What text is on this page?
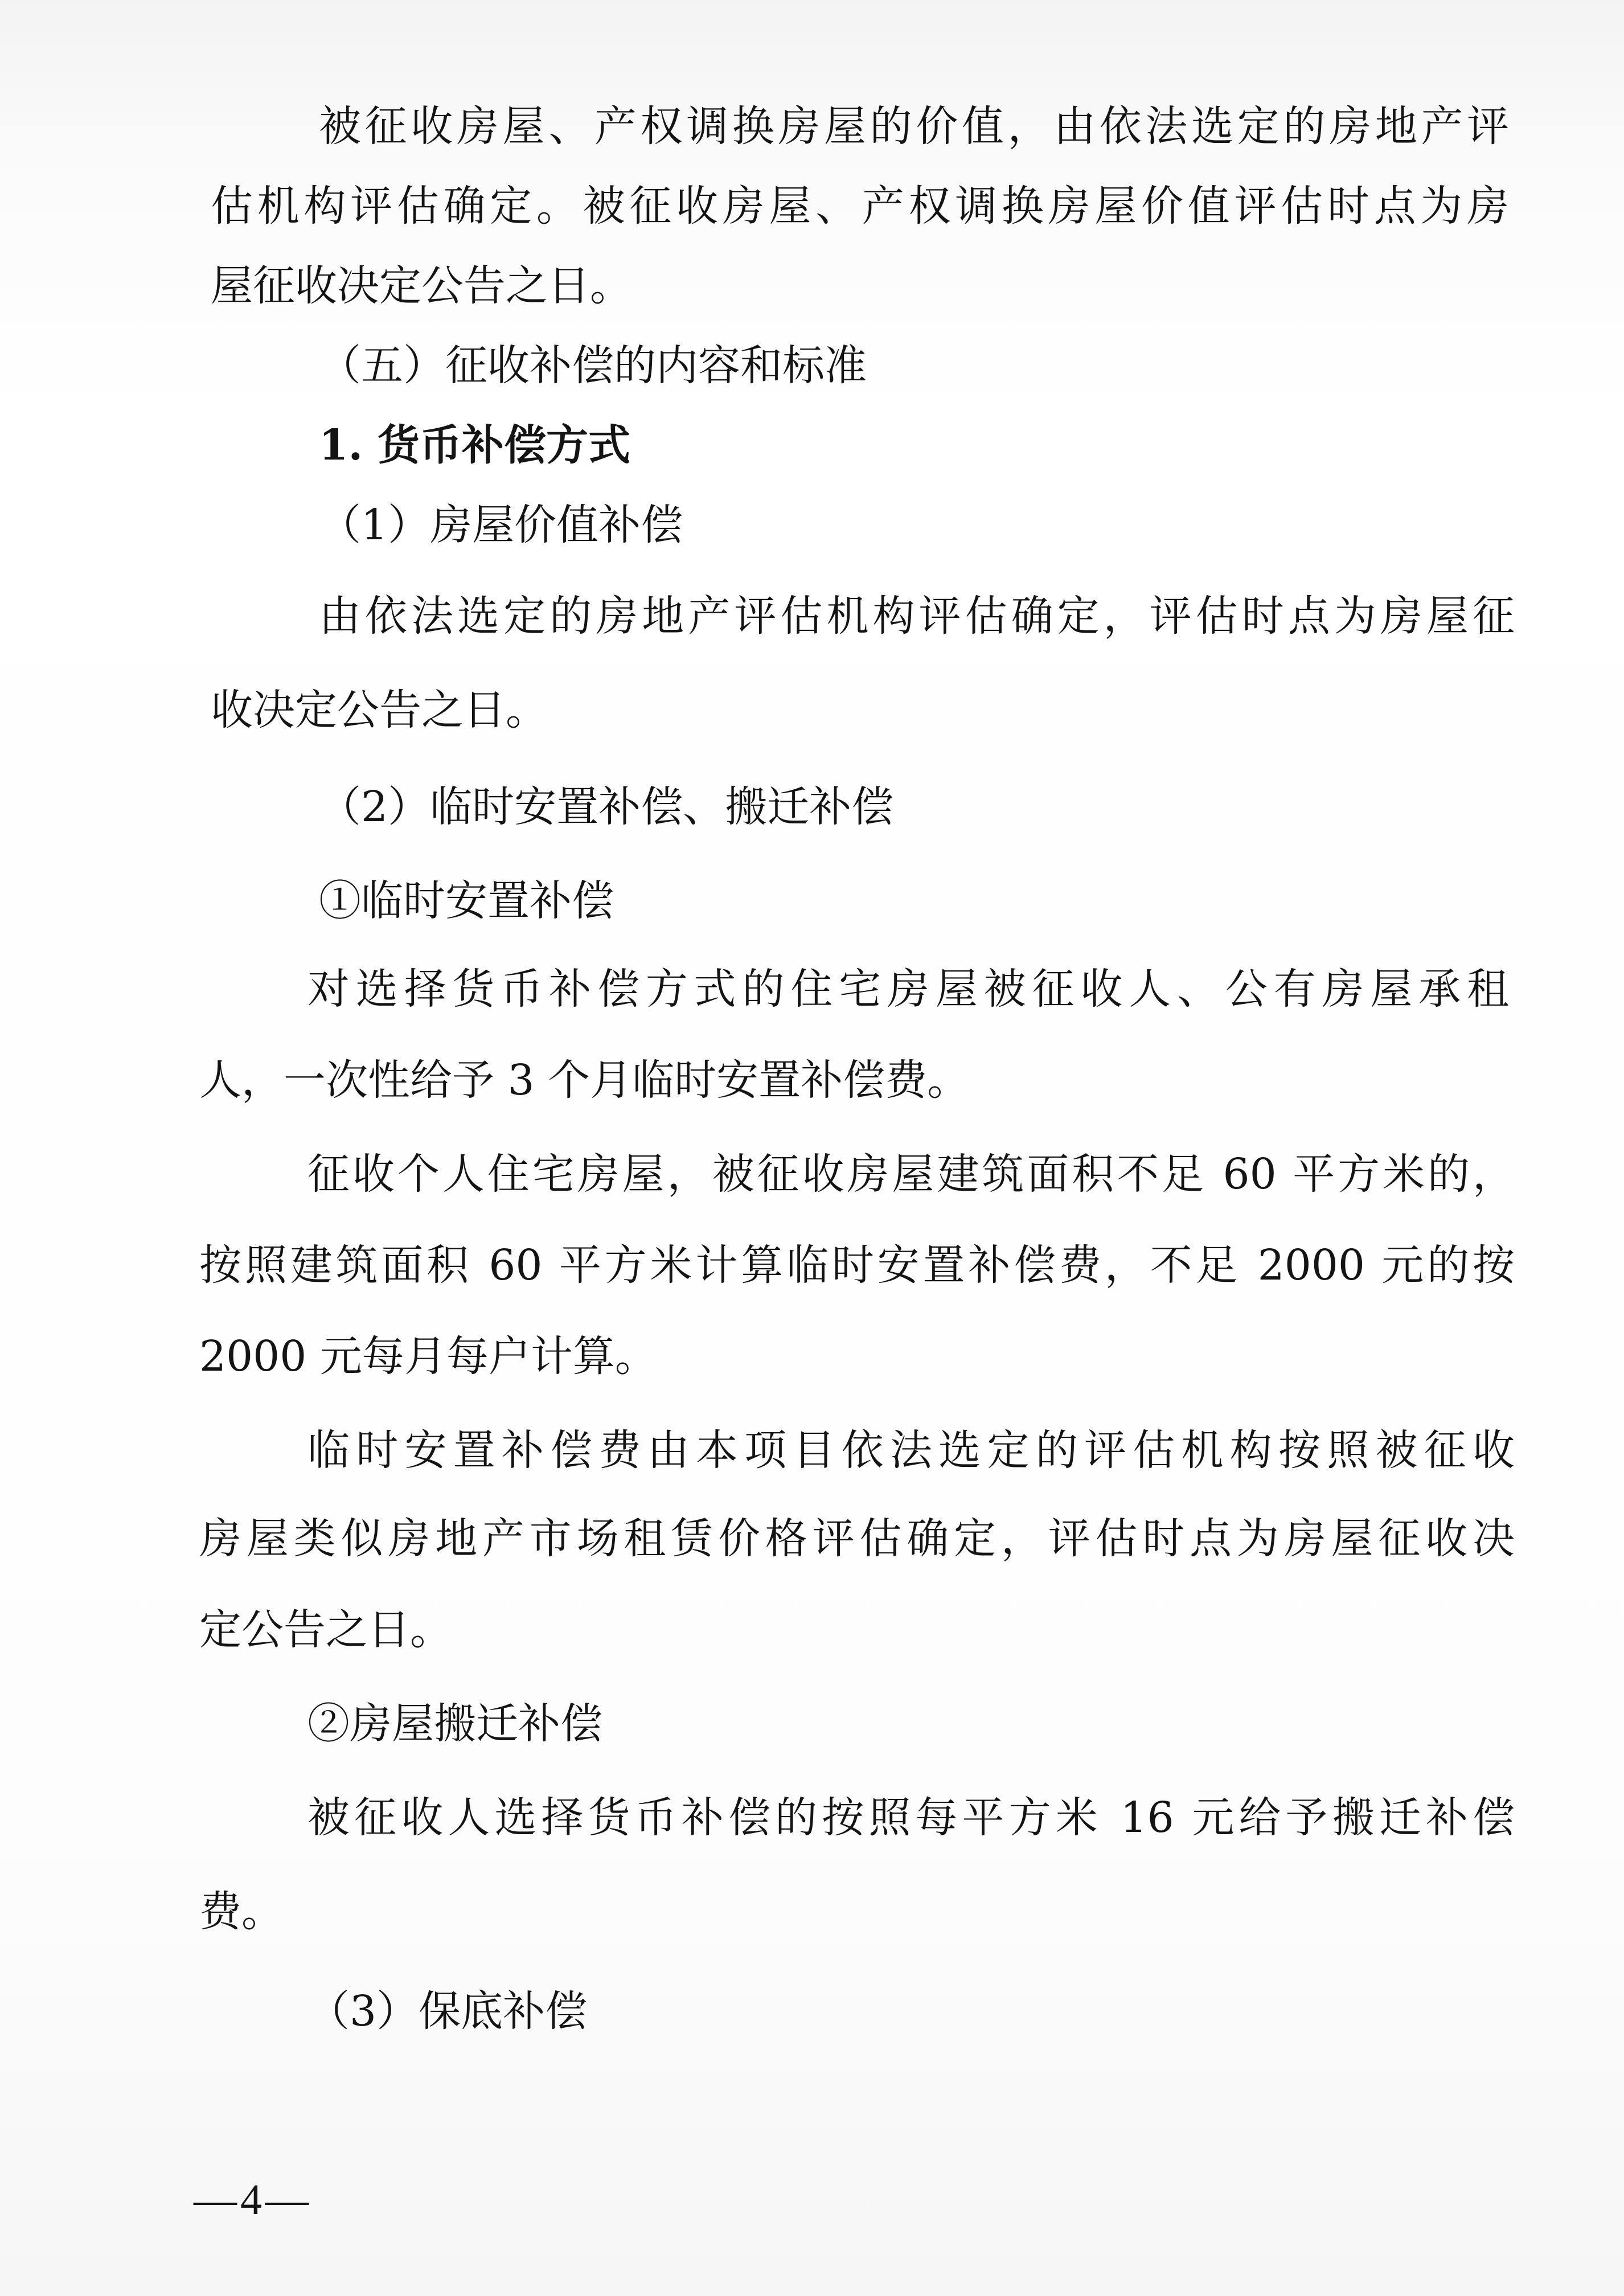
被征收房屋、产权调换房屋的价值，由依法选定的房地产评
估机构评估确定。被征收房屋、产权调换房屋价值评估时点为房
屋征收决定公告之日。
（五）征收补偿的内容和标准
1. 货币补偿方式
（1）房屋价值补偿
由依法选定的房地产评估机构评估确定，评估时点为房屋征
收决定公告之日。
（2）临时安置补偿、搬迁补偿
①临时安置补偿
对选择货币补偿方式的住宅房屋被征收人、公有房屋承租
人，一次性给予 3 个月临时安置补偿费。
征收个人住宅房屋，被征收房屋建筑面积不足 60 平方米的，
按照建筑面积 60 平方米计算临时安置补偿费，不足 2000 元的按
2000 元每月每户计算。
临时安置补偿费由本项目依法选定的评估机构按照被征收
房屋类似房地产市场租赁价格评估确定，评估时点为房屋征收决
定公告之日。
②房屋搬迁补偿
被征收人选择货币补偿的按照每平方米 16 元给予搬迁补偿
费。
（3）保底补偿
—4—
